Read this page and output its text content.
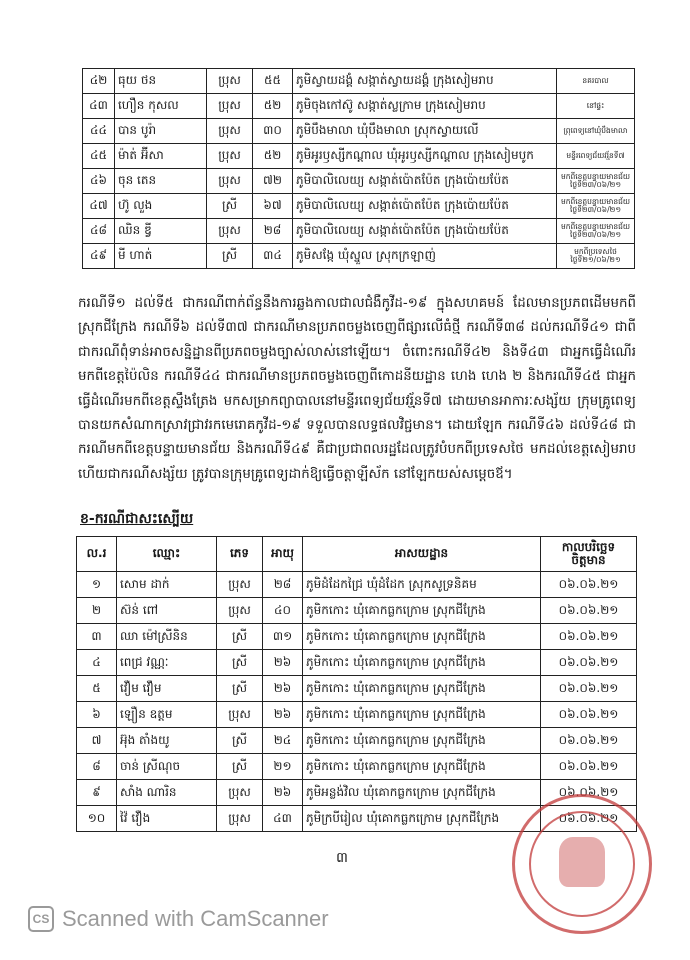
៤២	ធុយ ថន	ប្រុស	៥៥	ភូមិស្វាយដង្គំ សង្កាត់ស្វាយដង្គំ ក្រុងសៀមរាប	នគរបាល
៤៣	ហឿន កុសល	ប្រុស	៥២	ភូមិចុងកៅស៊ូ សង្កាត់ស្លក្រាម ក្រុងសៀមរាប	នៅផ្ទះ
៤៤	បាន បូរ៉ា	ប្រុស	៣០	ភូមិបឹងមាលា ឃុំបឹងមាលា ស្រុកស្វាយលើ	ព្រុពេទ្យនៅឃុំបឹងមាលា
៤៥	ម៉ាត់ អ៊ីសា	ប្រុស	៥២	ភូមិអូរឫស្សីកណ្តាល ឃុំអូរឫស្សីកណ្តាល ក្រុងសៀមបូក	មន្ទីរពេទ្យជ័យវរ្ម័នទី៧
៤៦	ចុន តេន	ប្រុស	៧២	ភូមិបាលិលេយ្យ សង្កាត់ប៉ោតប៉ែត ក្រុងប៉ោយប៉ែត	មកពីខេត្តបន្ទាយមានជ័យ ថ្ងៃទី២៣/០៦/២១
៤៧	ហ៊ូ លួង	ស្រី	៦៧	ភូមិបាលិលេយ្យ សង្កាត់ប៉ោតប៉ែត ក្រុងប៉ោយប៉ែត	មកពីខេត្តបន្ទាយមានជ័យ ថ្ងៃទី២៣/០៦/២១
៤៨	ឈិន ឌ្វី	ប្រុស	២៨	ភូមិបាលិលេយ្យ សង្កាត់ប៉ោតប៉ែត ក្រុងប៉ោយប៉ែត	មកពីខេត្តបន្ទាយមានជ័យ ថ្ងៃទី២៣/០៦/២១
៤៩	មី ហាត់	ស្រី	៣៤	ភូមិសង្កែ ឃុំស្នួល ស្រុកក្រឡាញ់	មកពីប្រទេសថៃ ថ្ងៃទី២១/០៦/២១

ករណីទី១ ដល់ទី៥ ជាករណីពាក់ព័ន្ធនឹងការឆ្លងកាលជាលជំងឺកូវីដ-១៩ ក្នុងសហគមន៍ ដែលមានប្រភពដើមមកពីស្រុកជីក្រែង ករណីទី៦ ដល់ទី៣៧ ជាករណីមានប្រភពចម្លងចេញពីផ្សារលើធំថ្មី ករណីទី៣៨ ដល់ករណីទី៤១ ជាពីជាករណីពុំទាន់អាចសន្និដ្ឋានពីប្រភពចម្លងច្បាស់លាស់នៅឡើយ។ ចំពោះករណីទី៤២ និងទី៤៣ ជាអ្នកធ្វើដំណើរមកពីខេត្តប៉ៃលិន ករណីទី៤៤ ជាករណីមានប្រភពចម្លងចេញពីកោដនីយដ្ឋាន ហេង ហេង ២ និងករណីទី៤៥ ជាអ្នកធ្វើដំណើរមកពីខេត្តស្ទឹងត្រែង មកសម្រាកព្យាបាលនៅមន្ទីរពេទ្យជ័យវរ្ម័នទី៧ ដោយមានអាការៈសង្ស័យ ក្រុមគ្រូពេទ្យបានយកសំណាកស្រាវជ្រាវរកមេរោគកូវីដ-១៩ ទទួលបានលទ្ធផលវិជ្ជមាន។ ដោយឡែក ករណីទី៤៦ ដល់ទី៤៨ ជាករណីមកពីខេត្តបន្ទាយមានជ័យ និងករណីទី៤៩ គឺជាប្រជាពលរដ្ឋដែលត្រូវបំបកពីប្រទេសថៃ មកដល់ខេត្តសៀមរាប ហើយជាករណីសង្ស័យ ត្រូវបានក្រុមគ្រូពេទ្យដាក់ឱ្យធ្វើចត្តាឡីស័ក នៅឡែកយស់សម្តេចឪ។

ខ-ករណីជាសះស្បើយ

ល.រ	ឈ្មោះ	ភេទ	អាយុ	អាសយដ្ឋាន	កាលបរិច្ឆេទ
ចិត្តមាន

១	សោម ដាក់	ប្រុស	២៨	ភូមិដំដែកជ្រៃ ឃុំដំដែក ស្រុកសូទ្រនិគម	០៦.០៦.២១
២	ស៊ន់ ពៅ	ប្រុស	៤០	ភូមិកកោះ ឃុំគោកធ្លកក្រោម ស្រុកជីក្រែង	០៦.០៦.២១
៣	ឈា ម៉ៅស្រីនិន	ស្រី	៣១	ភូមិកកោះ ឃុំគោកធ្លកក្រោម ស្រុកជីក្រែង	០៦.០៦.២១
៤	ពេជ្រ វណ្ណៈ	ស្រី	២៦	ភូមិកកោះ ឃុំគោកធ្លកក្រោម ស្រុកជីក្រែង	០៦.០៦.២១
៥	វឿម វឿម	ស្រី	២៦	ភូមិកកោះ ឃុំគោកធ្លកក្រោម ស្រុកជីក្រែង	០៦.០៦.២១
៦	ឡឿន ឧត្តម	ប្រុស	២៦	ភូមិកកោះ ឃុំគោកធ្លកក្រោម ស្រុកជីក្រែង	០៦.០៦.២១
៧	អ៊ុង តាំងយូ	ស្រី	២៤	ភូមិកកោះ ឃុំគោកធ្លកក្រោម ស្រុកជីក្រែង	០៦.០៦.២១
៨	ចាន់ ស្រីណុច	ស្រី	២១	ភូមិកកោះ ឃុំគោកធ្លកក្រោម ស្រុកជីក្រែង	០៦.០៦.២១
៩	សាំង ណារិន	ប្រុស	២៦	ភូមិអន្លង់វិល ឃុំគោកធ្លកក្រោម ស្រុកជីក្រែង	០៦.០៦.២១
១០	វ៉ៃ វឿង	ប្រុស	៤៣	ភូមិក្របីរៀល ឃុំគោកធ្លកក្រោម ស្រុកជីក្រែង	០៦.០៦.២១
៣
CS Scanned with CamScanner
